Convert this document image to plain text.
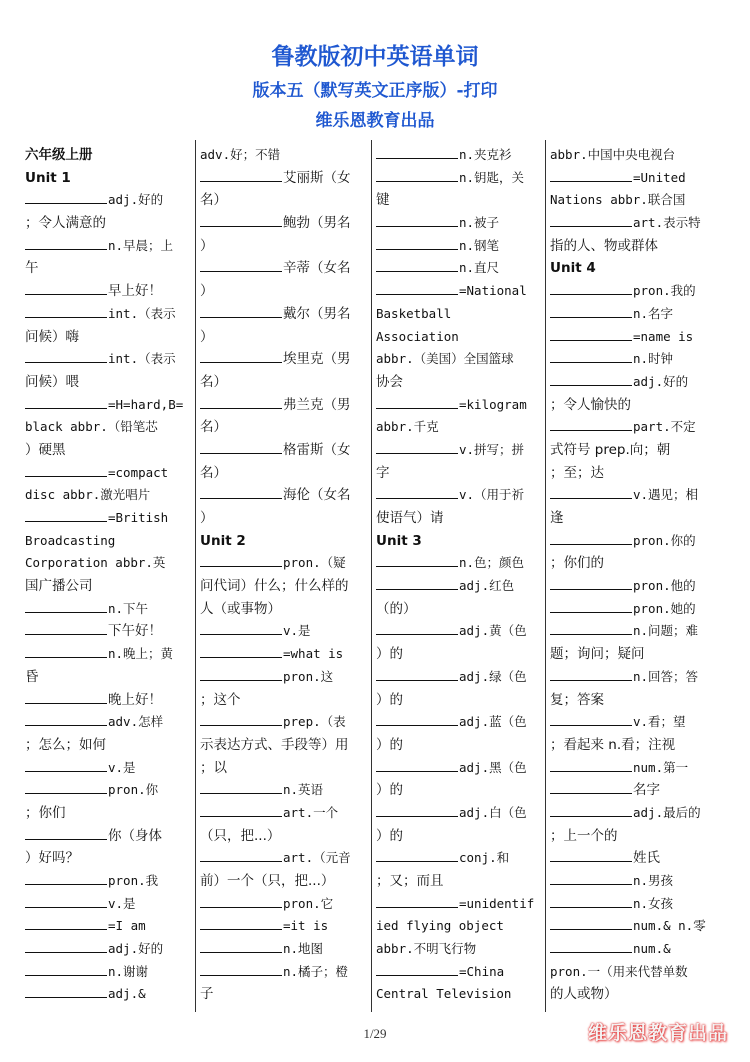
鲁教版初中英语单词
版本五（默写英文正序版）-打印
维乐恩教育出品
六年级上册
Unit 1
adj.好的
；令人满意的
n.早晨；上
午
早上好！
int.（表示
问候）嗨
int.（表示
问候）喂
=H=hard,B=
black abbr.（铅笔芯
）硬黑
=compact
disc abbr.激光唱片
=British
Broadcasting
Corporation abbr.英
国广播公司
n.下午
下午好！
n.晚上；黄
昏
晚上好！
adv.怎样
；怎么；如何
v.是
pron.你
；你们
你（身体
）好吗？
pron.我
v.是
=I am
adj.好的
n.谢谢
adj.&
adv.好；不错
艾丽斯（女
名）
鲍勃（男名
）
辛蒂（女名
）
戴尔（男名
）
埃里克（男
名）
弗兰克（男
名）
格雷斯（女
名）
海伦（女名
）
Unit 2
pron.（疑
问代词）什么；什么样的
人（或事物）
v.是
=what is
pron.这
；这个
prep.（表
示表达方式、手段等）用
；以
n.英语
art.一个
（只，把...）
art.（元音
前）一个（只，把...）
pron.它
=it is
n.地图
n.橘子；橙
子
n.夹克衫
n.钥匙，关
键
n.被子
n.钢笔
n.直尺
=National
Basketball
Association
abbr.（美国）全国篮球
协会
=kilogram
abbr.千克
v.拼写；拼
字
v.（用于祈
使语气）请
Unit 3
n.色；颜色
adj.红色
（的）
adj.黄（色
）的
adj.绿（色
）的
adj.蓝（色
）的
adj.黑（色
）的
adj.白（色
）的
conj.和
；又；而且
=unidentif
ied flying object
abbr.不明飞行物
=China
Central Television
abbr.中国中央电视台
=United
Nations abbr.联合国
art.表示特
指的人、物或群体
Unit 4
pron.我的
n.名字
=name is
n.时钟
adj.好的
；令人愉快的
part.不定
式符号 prep.向；朝
；至；达
v.遇见；相
逢
pron.你的
；你们的
pron.他的
pron.她的
n.问题；难
题；询问；疑问
n.回答；答
复；答案
v.看；望
；看起来 n.看；注视
num.第一
名字
adj.最后的
；上一个的
姓氏
n.男孩
n.女孩
num.& n.零
num.&
pron.一（用来代替单数
的人或物）
1/29	维乐恩教育出品
